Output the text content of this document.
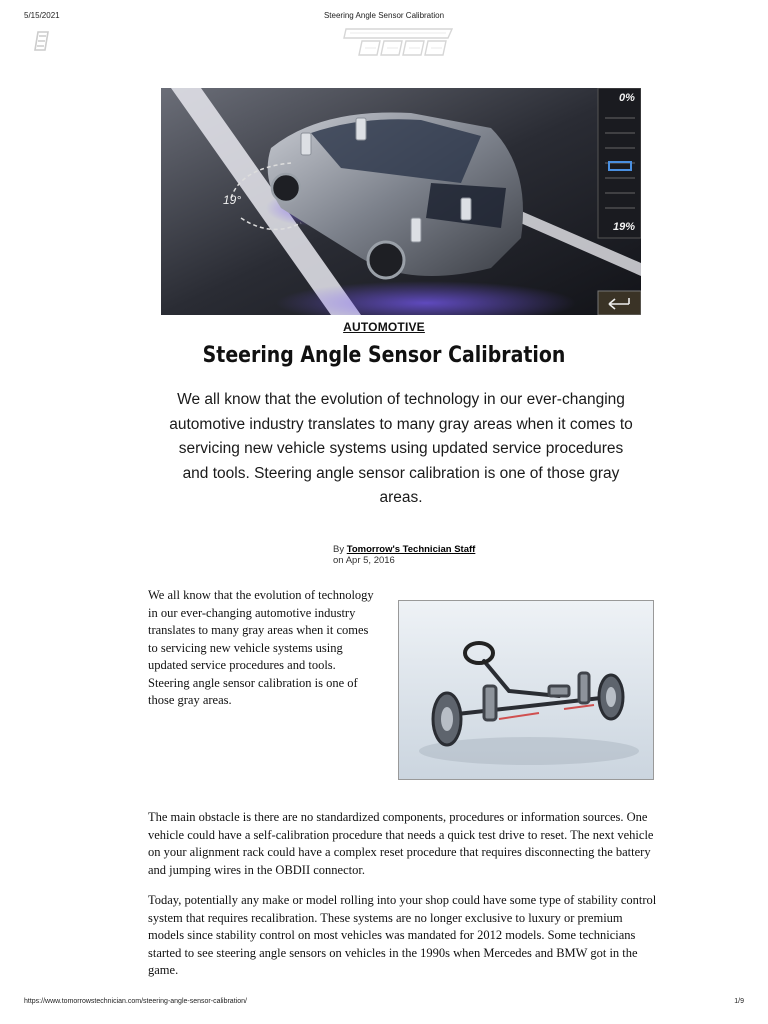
5/15/2021	Steering Angle Sensor Calibration
19°
0%
19%
AUTOMOTIVE
Steering Angle Sensor Calibration
We all know that the evolution of technology in our ever-changing automotive industry translates to many gray areas when it comes to servicing new vehicle systems using updated service procedures and tools. Steering angle sensor calibration is one of those gray areas.
By Tomorrow's Technician Staff
on Apr 5, 2016

We all know that the evolution of technology in our ever-changing automotive industry translates to many gray areas when it comes to servicing new vehicle systems using updated service procedures and tools. Steering angle sensor calibration is one of those gray areas.

The main obstacle is there are no standardized components, procedures or information sources. One vehicle could have a self-calibration procedure that needs a quick test drive to reset. The next vehicle on your alignment rack could have a complex reset procedure that requires disconnecting the battery and jumping wires in the OBDII connector.

Today, potentially any make or model rolling into your shop could have some type of stability control system that requires recalibration. These systems are no longer exclusive to luxury or premium models since stability control on most vehicles was mandated for 2012 models. Some technicians started to see steering angle sensors on vehicles in the 1990s when Mercedes and BMW got in the game.

https://www.tomorrowstechnician.com/steering-angle-sensor-calibration/	1/9
